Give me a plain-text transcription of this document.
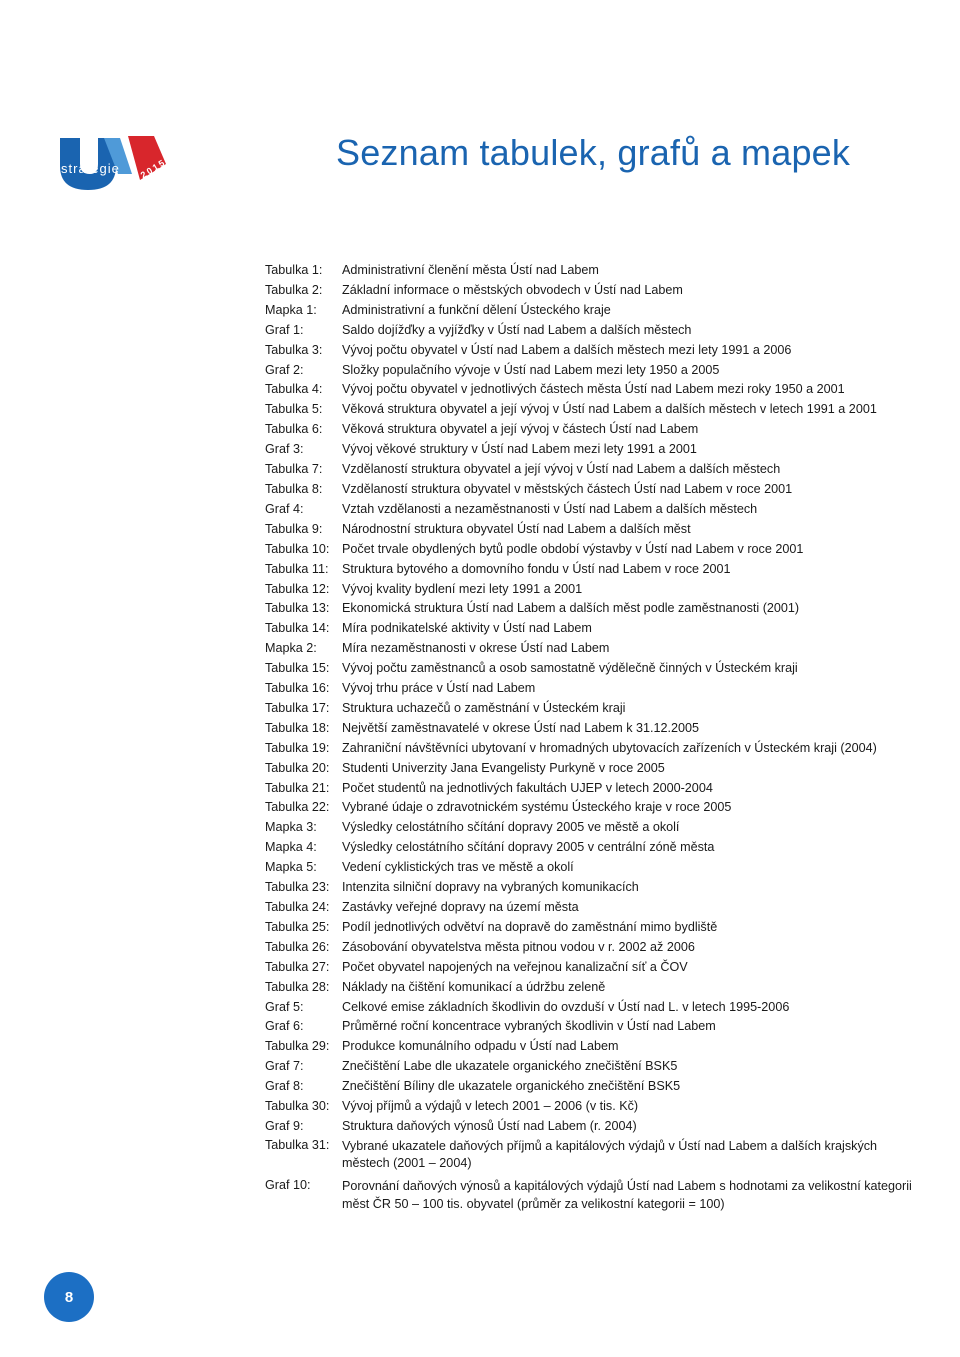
strategie 2015	Seznam tabulek, grafů a mapek
Tabulka 1:	Administrativní členění města Ústí nad Labem
Tabulka 2:	Základní informace o městských obvodech v Ústí nad Labem
Mapka 1:	Administrativní a funkční dělení Ústeckého kraje
Graf 1:	Saldo dojížďky a vyjížďky v Ústí nad Labem a dalších městech
Tabulka 3:	Vývoj počtu obyvatel v Ústí nad Labem a dalších městech mezi lety 1991 a 2006
Graf 2:	Složky populačního vývoje v Ústí nad Labem mezi lety 1950 a 2005
Tabulka 4:	Vývoj počtu obyvatel v jednotlivých částech města Ústí nad Labem mezi roky 1950 a 2001
Tabulka 5:	Věková struktura obyvatel a její vývoj v Ústí nad Labem a dalších městech v letech 1991 a 2001
Tabulka 6:	Věková struktura obyvatel a její vývoj v částech Ústí nad Labem
Graf 3:	Vývoj věkové struktury v Ústí nad Labem mezi lety 1991 a 2001
Tabulka 7:	Vzdělaností struktura obyvatel a její vývoj v Ústí nad Labem a dalších městech
Tabulka 8:	Vzdělaností struktura obyvatel v městských částech Ústí nad Labem v roce 2001
Graf 4:	Vztah vzdělanosti a nezaměstnanosti v Ústí nad Labem a dalších městech
Tabulka 9:	Národnostní struktura obyvatel Ústí nad Labem a dalších měst
Tabulka 10: Počet trvale obydlených bytů podle období výstavby v Ústí nad Labem v roce 2001
Tabulka 11:	Struktura bytového a domovního fondu v Ústí nad Labem v roce 2001
Tabulka 12: Vývoj kvality bydlení mezi lety 1991 a 2001
Tabulka 13: Ekonomická struktura Ústí nad Labem a dalších měst podle zaměstnanosti (2001)
Tabulka 14: Míra podnikatelské aktivity v Ústí nad Labem
Mapka 2:	Míra nezaměstnanosti v okrese Ústí nad Labem
Tabulka 15: Vývoj počtu zaměstnanců a osob samostatně výdělečně činných v Ústeckém kraji
Tabulka 16: Vývoj trhu práce v Ústí nad Labem
Tabulka 17: Struktura uchazečů o zaměstnání v Ústeckém kraji
Tabulka 18: Největší zaměstnavatelé v okrese Ústí nad Labem k 31.12.2005
Tabulka 19: Zahraniční návštěvníci ubytovaní v hromadných ubytovacích zařízeních v Ústeckém kraji (2004)
Tabulka 20: Studenti Univerzity Jana Evangelisty Purkyně v roce 2005
Tabulka 21: Počet studentů na jednotlivých fakultách UJEP v letech 2000-2004
Tabulka 22: Vybrané údaje o zdravotnickém systému Ústeckého kraje v roce 2005
Mapka 3:	Výsledky celostátního sčítání dopravy 2005 ve městě a okolí
Mapka 4:	Výsledky celostátního sčítání dopravy 2005 v centrální zóně města
Mapka 5:	Vedení cyklistických tras ve městě a okolí
Tabulka 23: Intenzita silniční dopravy na vybraných komunikacích
Tabulka 24: Zastávky veřejné dopravy na území města
Tabulka 25: Podíl jednotlivých odvětví na dopravě do zaměstnání mimo bydliště
Tabulka 26: Zásobování obyvatelstva města pitnou vodou v r. 2002 až 2006
Tabulka 27: Počet obyvatel napojených na veřejnou kanalizační síť a ČOV
Tabulka 28: Náklady na čištění komunikací a údržbu zeleně
Graf 5:	Celkové emise základních škodlivin do ovzduší v Ústí nad L. v letech 1995-2006
Graf 6:	Průměrné roční koncentrace vybraných škodlivin v Ústí nad Labem
Tabulka 29: Produkce komunálního odpadu v Ústí nad Labem
Graf 7:	Znečištění Labe dle ukazatele organického znečištění BSK5
Graf 8:	Znečištění Bíliny dle ukazatele organického znečištění BSK5
Tabulka 30: Vývoj příjmů a výdajů v letech 2001 – 2006 (v tis. Kč)
Graf 9:	Struktura daňových výnosů Ústí nad Labem (r. 2004)
Tabulka 31: Vybrané ukazatele daňových příjmů a kapitálových výdajů v Ústí nad Labem a dalších krajských městech (2001 – 2004)
Graf 10:	Porovnání daňových výnosů a kapitálových výdajů Ústí nad Labem s hodnotami za velikostní kategorii měst ČR 50 – 100 tis. obyvatel (průměr za velikostní kategorii = 100)
8
